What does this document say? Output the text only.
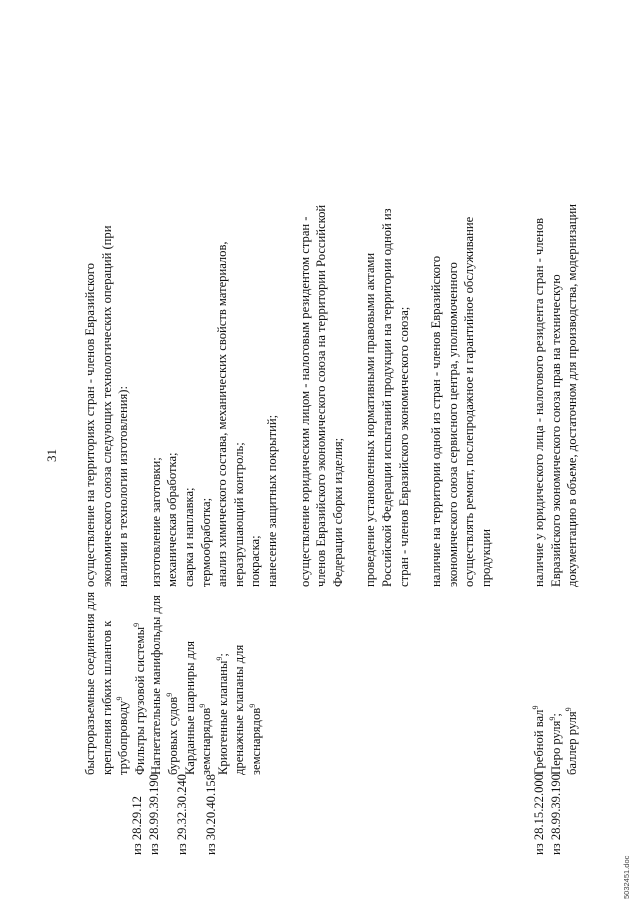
31
из 28.29.12 из 28.99.39.190 из 29.32.30.240 из 30.20.40.158
быстроразъемные соединения для крепления гибких шлангов к трубопроводу$^9$ Фильтры грузовой системы$^9$ Нагнетательные манифольды для буровых судов$^9$ Карданные шарниры для земснарядов$^9$ Криогенные клапаны$^9$; дренажные клапаны для земснарядов$^9$
осуществление на территориях стран - членов Евразийского экономического союза следующих технологических операций (при наличии в технологии изготовления): изготовление заготовки; механическая обработка; сварка и наплавка; термообработка; анализ химического состава, механических свойств материалов, неразрушающий контроль; покраска; нанесение защитных покрытий; осуществление юридическим лицом - налоговым резидентом стран - членов Евразийского экономического союза на территории Российской Федерации сборки изделия; проведение установленных нормативными правовыми актами Российской Федерации испытаний продукции на территории одной из стран - членов Евразийского экономического союза; наличие на территории одной из стран - членов Евразийского экономического союза сервисного центра, уполномоченного осуществлять ремонт, послепродажное и гарантийное обслуживание продукции
из 28.15.22.000 из 28.99.39.190
Гребной вал$^9$
Перо руля$^9$; баллер руля$^9$
наличие у юридического лица - налогового резидента стран - членов Евразийского экономического союза прав на техническую документацию в объеме, достаточном для производства, модернизации
5032451.doc
